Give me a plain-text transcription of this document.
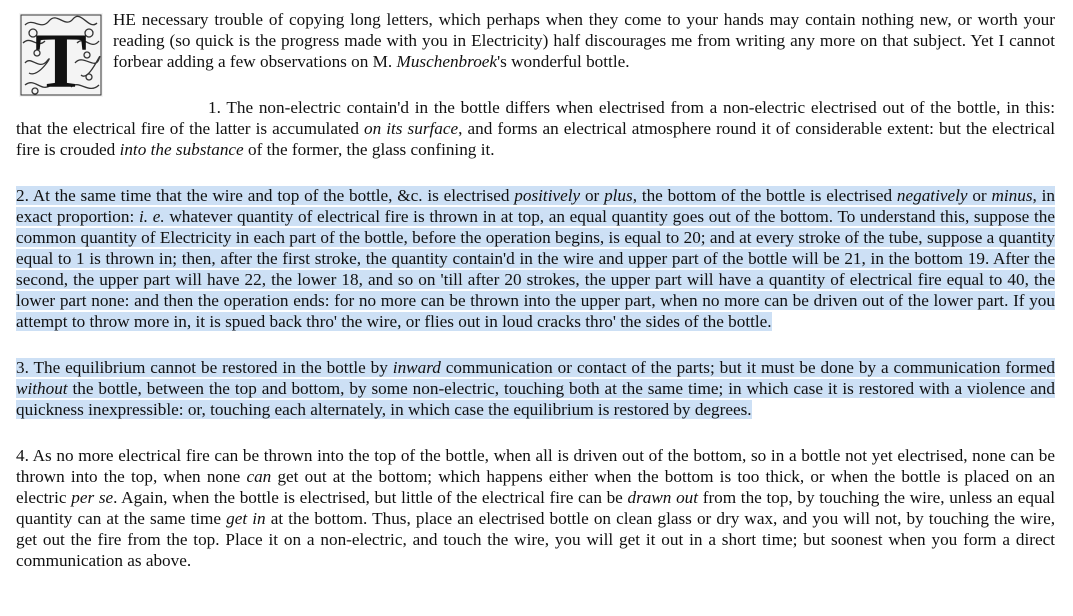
T HE necessary trouble of copying long letters, which perhaps when they come to your hands may contain nothing new, or worth your reading (so quick is the progress made with you in Electricity) half discourages me from writing any more on that subject. Yet I cannot forbear adding a few observations on M. Muschenbroek's wonderful bottle.

1. The non-electric contain'd in the bottle differs when electrised from a non-electric electrised out of the bottle, in this: that the electrical fire of the latter is accumulated on its surface, and forms an electrical atmosphere round it of considerable extent: but the electrical fire is crouded into the substance of the former, the glass confining it.

2. At the same time that the wire and top of the bottle, &c. is electrised positively or plus, the bottom of the bottle is electrised negatively or minus, in exact proportion: i. e. whatever quantity of electrical fire is thrown in at top, an equal quantity goes out of the bottom. To understand this, suppose the common quantity of Electricity in each part of the bottle, before the operation begins, is equal to 20; and at every stroke of the tube, suppose a quantity equal to 1 is thrown in; then, after the first stroke, the quantity contain'd in the wire and upper part of the bottle will be 21, in the bottom 19. After the second, the upper part will have 22, the lower 18, and so on 'till after 20 strokes, the upper part will have a quantity of electrical fire equal to 40, the lower part none: and then the operation ends: for no more can be thrown into the upper part, when no more can be driven out of the lower part. If you attempt to throw more in, it is spued back thro' the wire, or flies out in loud cracks thro' the sides of the bottle.

3. The equilibrium cannot be restored in the bottle by inward communication or contact of the parts; but it must be done by a communication formed without the bottle, between the top and bottom, by some non-electric, touching both at the same time; in which case it is restored with a violence and quickness inexpressible: or, touching each alternately, in which case the equilibrium is restored by degrees.

4. As no more electrical fire can be thrown into the top of the bottle, when all is driven out of the bottom, so in a bottle not yet electrised, none can be thrown into the top, when none can get out at the bottom; which happens either when the bottom is too thick, or when the bottle is placed on an electric per se. Again, when the bottle is electrised, but little of the electrical fire can be drawn out from the top, by touching the wire, unless an equal quantity can at the same time get in at the bottom. Thus, place an electrised bottle on clean glass or dry wax, and you will not, by touching the wire, get out the fire from the top. Place it on a non-electric, and touch the wire, you will get it out in a short time; but soonest when you form a direct communication as above.
